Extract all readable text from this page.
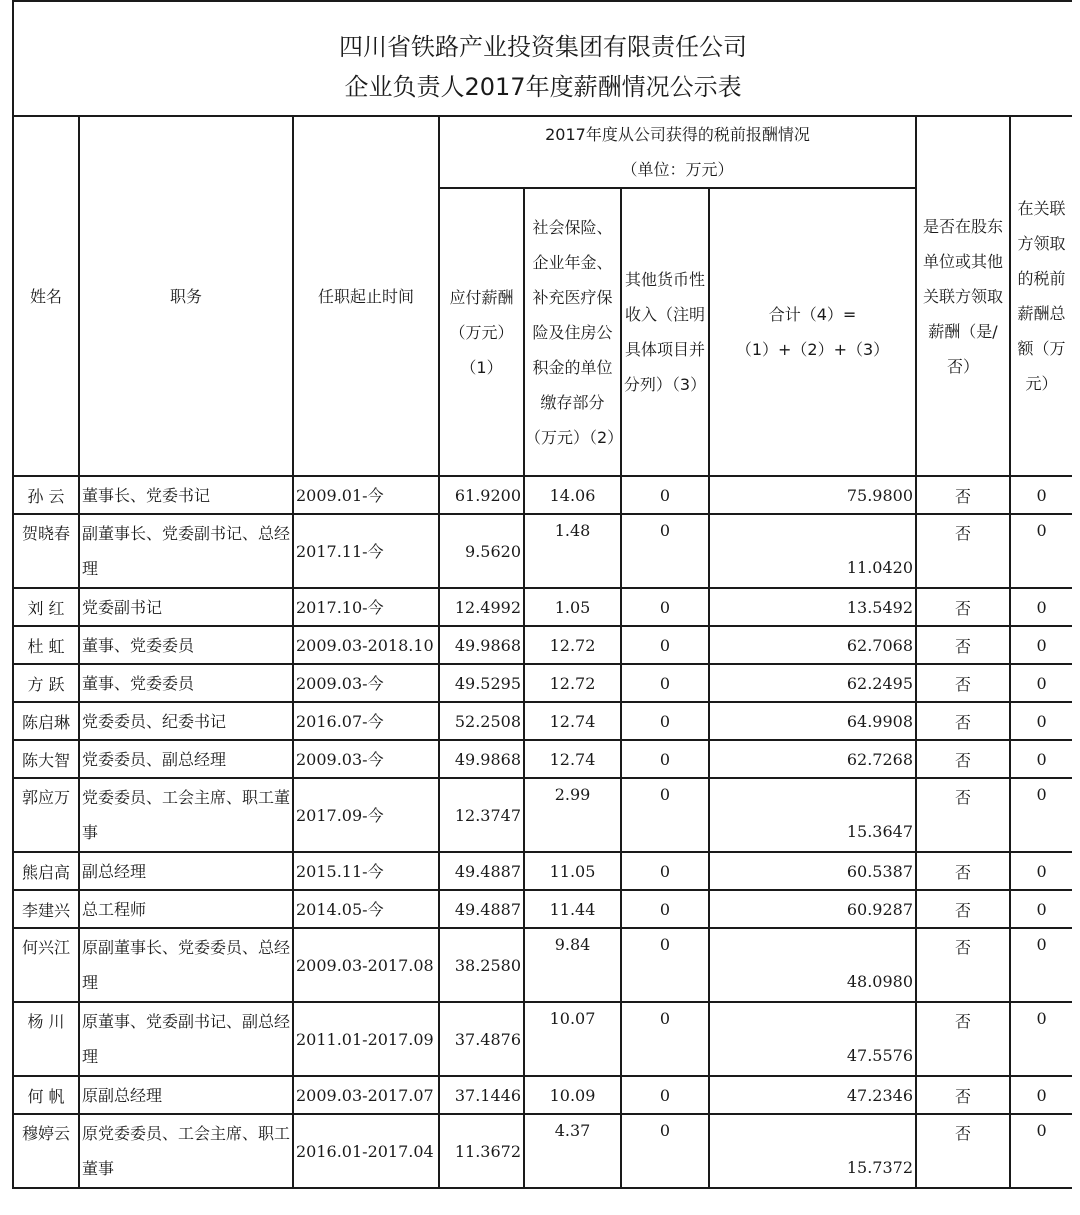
四川省铁路产业投资集团有限责任公司
企业负责人2017年度薪酬情况公示表								

姓名	职务	任职起止时间	2017年度从公司获得的税前报酬情况
（单位：万元）				是否在股东单位或其他关联方领取薪酬（是/否）	在关联方领取的税前薪酬总额（万元）
			应付薪酬（万元）（1）	社会保险、企业年金、补充医疗保险及住房公积金的单位缴存部分（万元）（2）	其他货币性收入（注明具体项目并分列）（3）	合计（4）=（1）+（2）+（3）		
孙 云	董事长、党委书记	2009.01-今	61.9200	14.06	0	75.9800	否	0
贺晓春	副董事长、党委副书记、总经理	2017.11-今	9.5620	1.48	0	11.0420	否	0
刘 红	党委副书记	2017.10-今	12.4992	1.05	0	13.5492	否	0
杜 虹	董事、党委委员	2009.03-2018.10	49.9868	12.72	0	62.7068	否	0
方 跃	董事、党委委员	2009.03-今	49.5295	12.72	0	62.2495	否	0
陈启琳	党委委员、纪委书记	2016.07-今	52.2508	12.74	0	64.9908	否	0
陈大智	党委委员、副总经理	2009.03-今	49.9868	12.74	0	62.7268	否	0
郭应万	党委委员、工会主席、职工董事	2017.09-今	12.3747	2.99	0	15.3647	否	0
熊启高	副总经理	2015.11-今	49.4887	11.05	0	60.5387	否	0
李建兴	总工程师	2014.05-今	49.4887	11.44	0	60.9287	否	0
何兴江	原副董事长、党委委员、总经理	2009.03-2017.08	38.2580	9.84	0	48.0980	否	0
杨 川	原董事、党委副书记、副总经理	2011.01-2017.09	37.4876	10.07	0	47.5576	否	0
何 帆	原副总经理	2009.03-2017.07	37.1446	10.09	0	47.2346	否	0
穆婷云	原党委委员、工会主席、职工董事	2016.01-2017.04	11.3672	4.37	0	15.7372	否	0
